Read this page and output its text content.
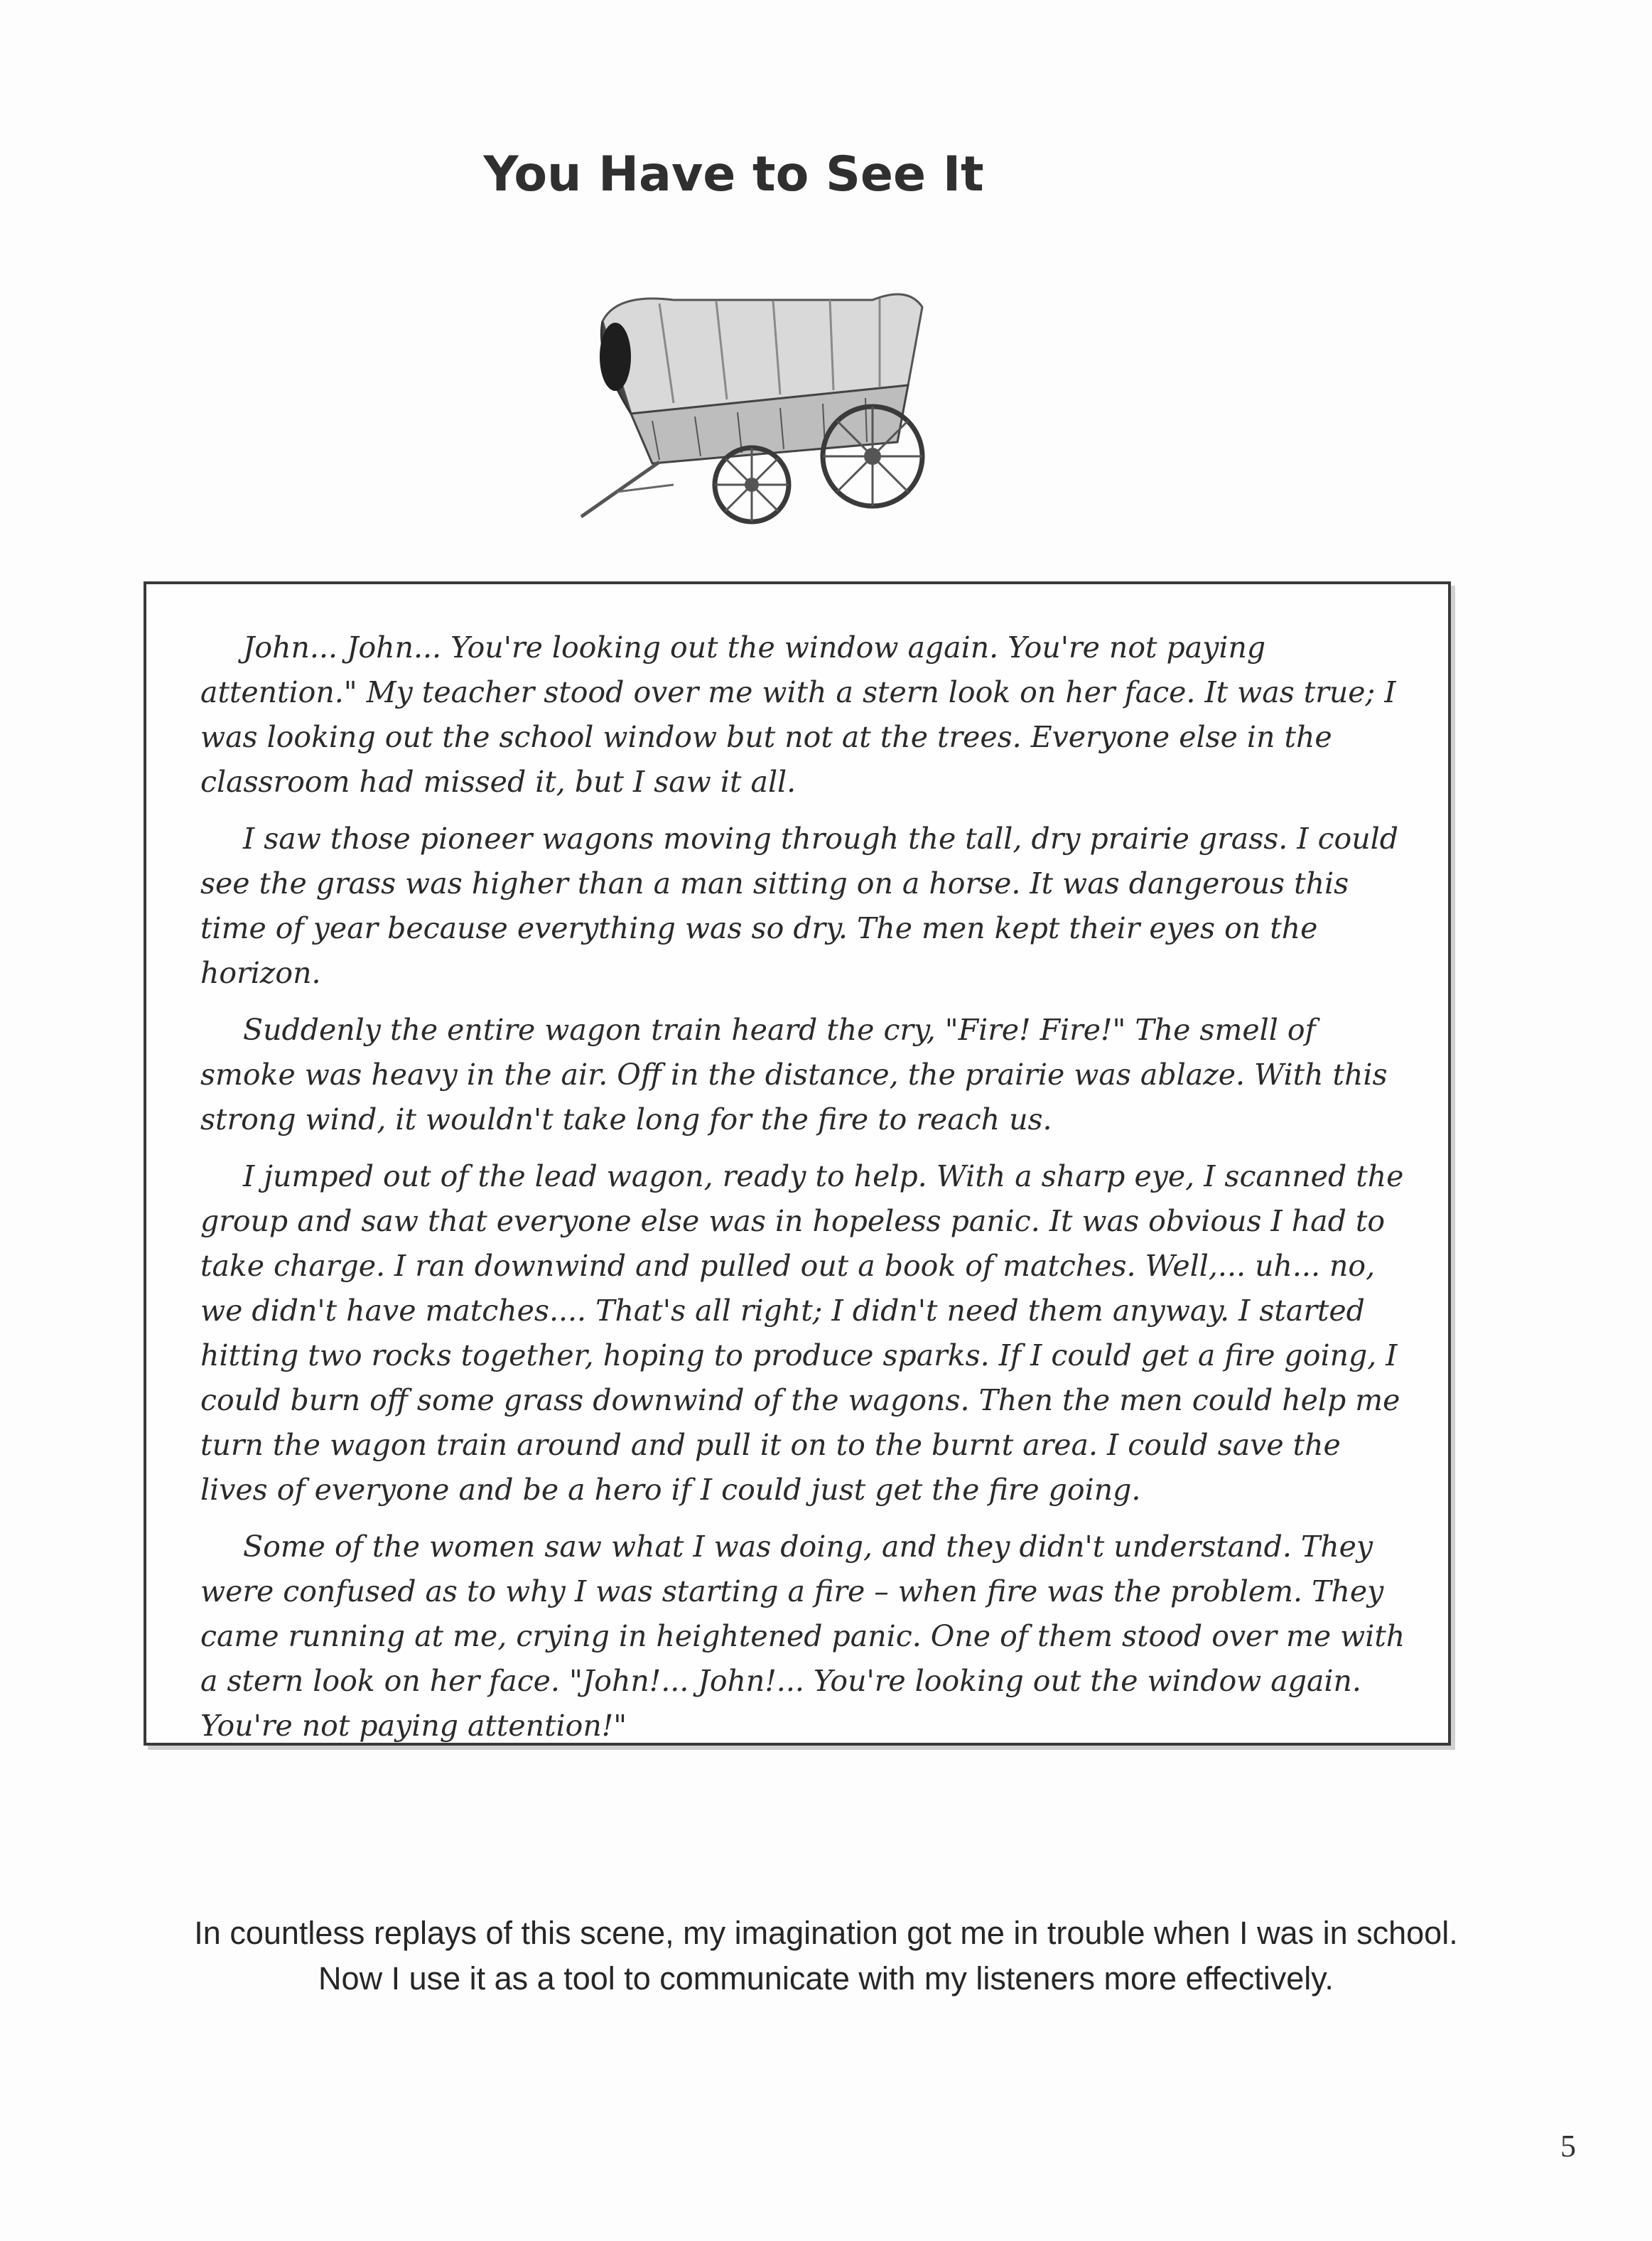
You Have to See It

John... John... You're looking out the window again. You're not paying attention." My teacher stood over me with a stern look on her face. It was true; I was looking out the school window but not at the trees. Everyone else in the classroom had missed it, but I saw it all.

I saw those pioneer wagons moving through the tall, dry prairie grass. I could see the grass was higher than a man sitting on a horse. It was dangerous this time of year because everything was so dry. The men kept their eyes on the horizon.

Suddenly the entire wagon train heard the cry, "Fire! Fire!" The smell of smoke was heavy in the air. Off in the distance, the prairie was ablaze. With this strong wind, it wouldn't take long for the fire to reach us.

I jumped out of the lead wagon, ready to help. With a sharp eye, I scanned the group and saw that everyone else was in hopeless panic. It was obvious I had to take charge. I ran downwind and pulled out a book of matches. Well,... uh... no, we didn't have matches.... That's all right; I didn't need them anyway. I started hitting two rocks together, hoping to produce sparks. If I could get a fire going, I could burn off some grass downwind of the wagons. Then the men could help me turn the wagon train around and pull it on to the burnt area. I could save the lives of everyone and be a hero if I could just get the fire going.

Some of the women saw what I was doing, and they didn't understand. They were confused as to why I was starting a fire – when fire was the problem. They came running at me, crying in heightened panic. One of them stood over me with a stern look on her face. "John!... John!... You're looking out the window again. You're not paying attention!"

In countless replays of this scene, my imagination got me in trouble when I was in school.
Now I use it as a tool to communicate with my listeners more effectively.
5
